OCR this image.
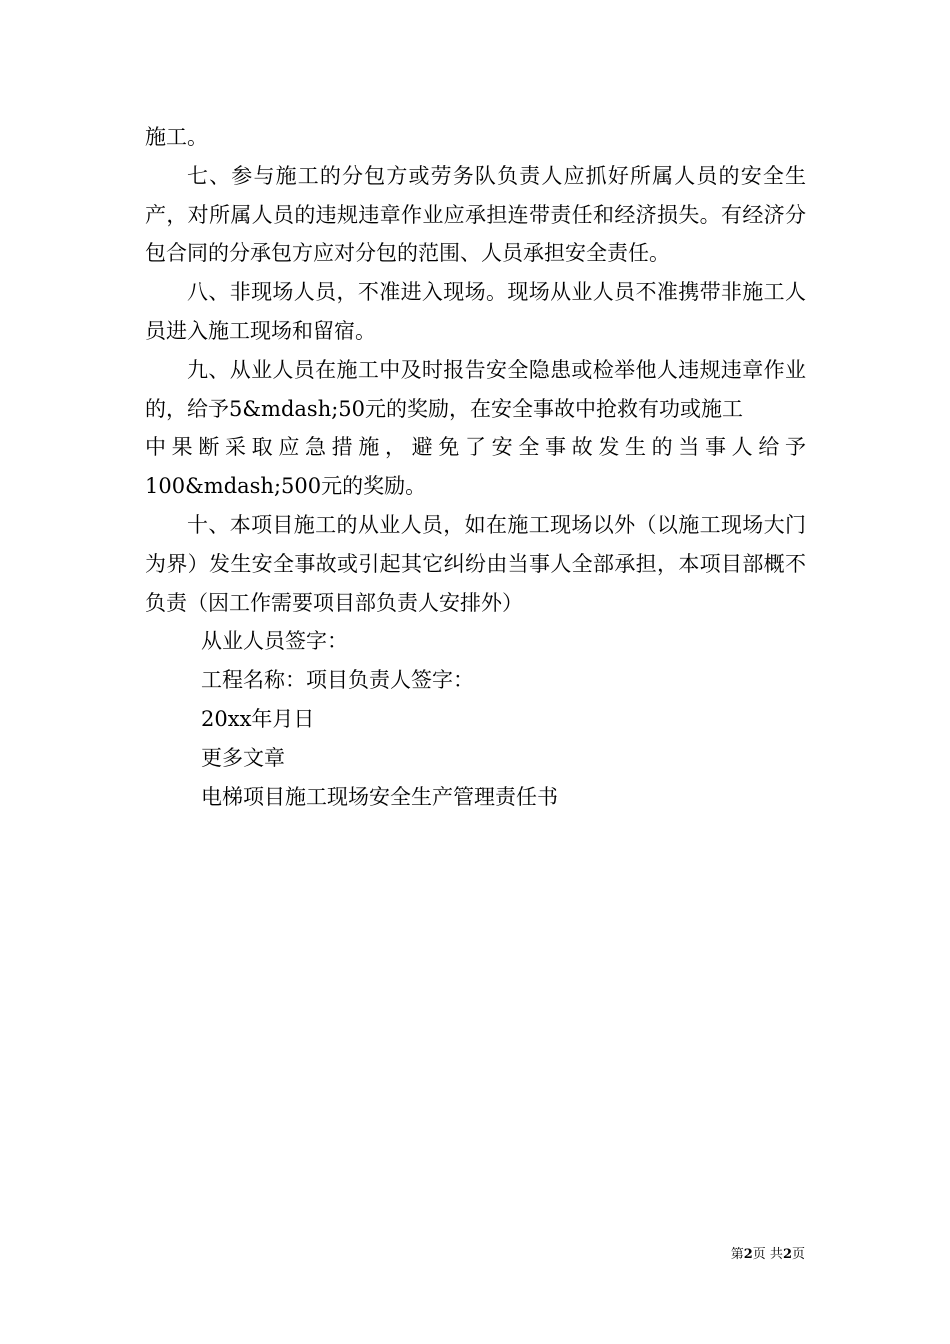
施工。

七、参与施工的分包方或劳务队负责人应抓好所属人员的安全生产，对所属人员的违规违章作业应承担连带责任和经济损失。有经济分包合同的分承包方应对分包的范围、人员承担安全责任。

八、非现场人员，不准进入现场。现场从业人员不准携带非施工人员进入施工现场和留宿。

九、从业人员在施工中及时报告安全隐患或检举他人违规违章作业的，给予5&mdash;50元的奖励，在安全事故中抢救有功或施工

中果断采取应急措施，避免了安全事故发生的当事人给予

100&mdash;500元的奖励。

十、本项目施工的从业人员，如在施工现场以外（以施工现场大门为界）发生安全事故或引起其它纠纷由当事人全部承担，本项目部概不负责（因工作需要项目部负责人安排外）

从业人员签字：

工程名称：项目负责人签字：

20xx年月日

更多文章

电梯项目施工现场安全生产管理责任书

第2页 共2页
